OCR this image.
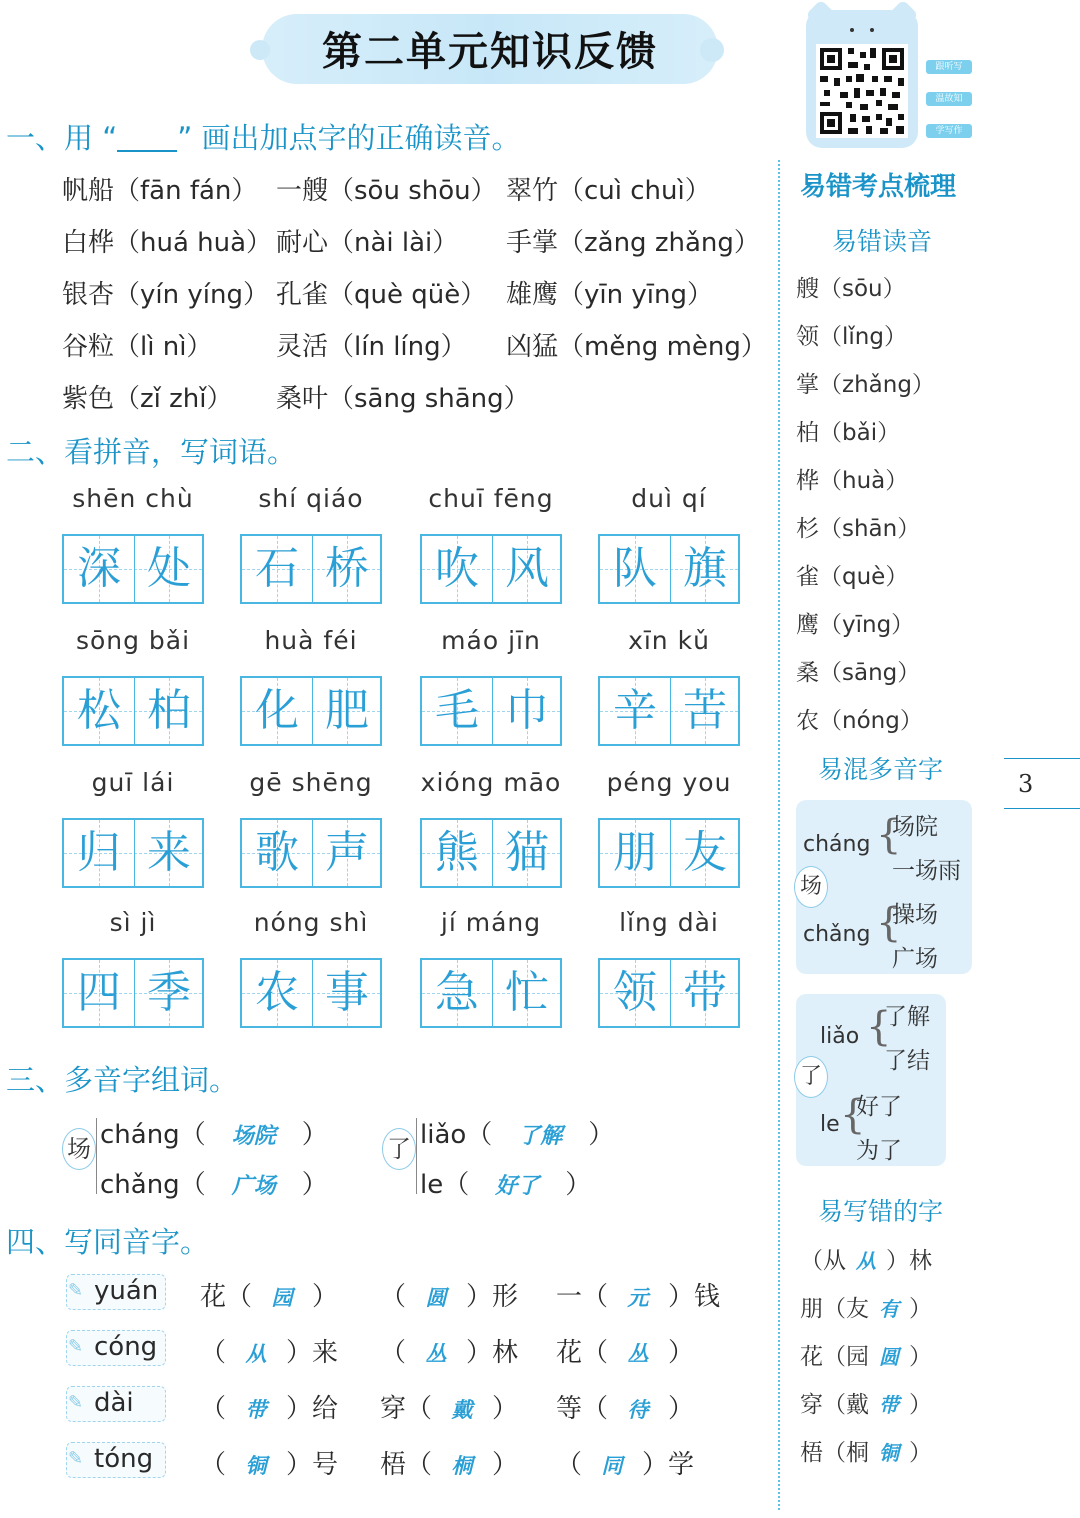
第二单元知识反馈
一、用 “ ” 画出加点字的正确读音。
帆船（fān fán） 一艘（sōu shōu） 翠竹（cuì chuì）
白桦（huá huà） 耐心（nài lài） 手掌（zǎng zhǎng）
银杏（yín yíng） 孔雀（què qüè） 雄鹰（yīn yīng）
谷粒（lì nì） 灵活（lín líng） 凶猛（měng mèng）
紫色（zǐ zhǐ） 桑叶（sāng shāng）
二、看拼音，写词语。
shēn chù
深 处
shí qiáo
石 桥
chuī fēng
吹 风
duì qí
队 旗
sōng bǎi
松 柏
huà féi
化 肥
máo jīn
毛 巾
xīn kǔ
辛 苦
guī lái
归 来
gē shēng
歌 声
xióng māo
熊 猫
péng you
朋 友
sì jì
四 季
nóng shì
农 事
jí máng
急 忙
lǐng dài
领 带
三、多音字组词。
场 cháng（ 场院 ）
chǎng（ 广场 ）
了 liǎo（ 了解 ）
le（ 好了 ）
四、写同音字。
✎ yuán 花（ 园 ） （ 圆 ）形 一（ 元 ）钱
✎ cóng （ 从 ）来 （ 丛 ）林 花（ 丛 ）
✎ dài	（ 带 ）给 穿（ 戴 ） 等（ 待 ）
✎ tóng （ 铜 ）号 梧（ 桐 ） （ 同 ）学
跟听写
温故知
学写作
易错考点梳理
易错读音
艘（sōu）
领（lǐng）
掌（zhǎng）
柏（bǎi）
桦（huà）
杉（shān）
雀（què）
鹰（yīng）
桑（sāng）
农（nóng）
易混多音字
cháng {
场院
一场雨
场
chǎng {
操场
广场
liǎo {
了解
了结
了
le {
好了
为了
易写错的字
（从 从 ）林
朋（友 有 ）
花（园 圆 ）
穿（戴 带 ）
梧（桐 铜 ）
3
